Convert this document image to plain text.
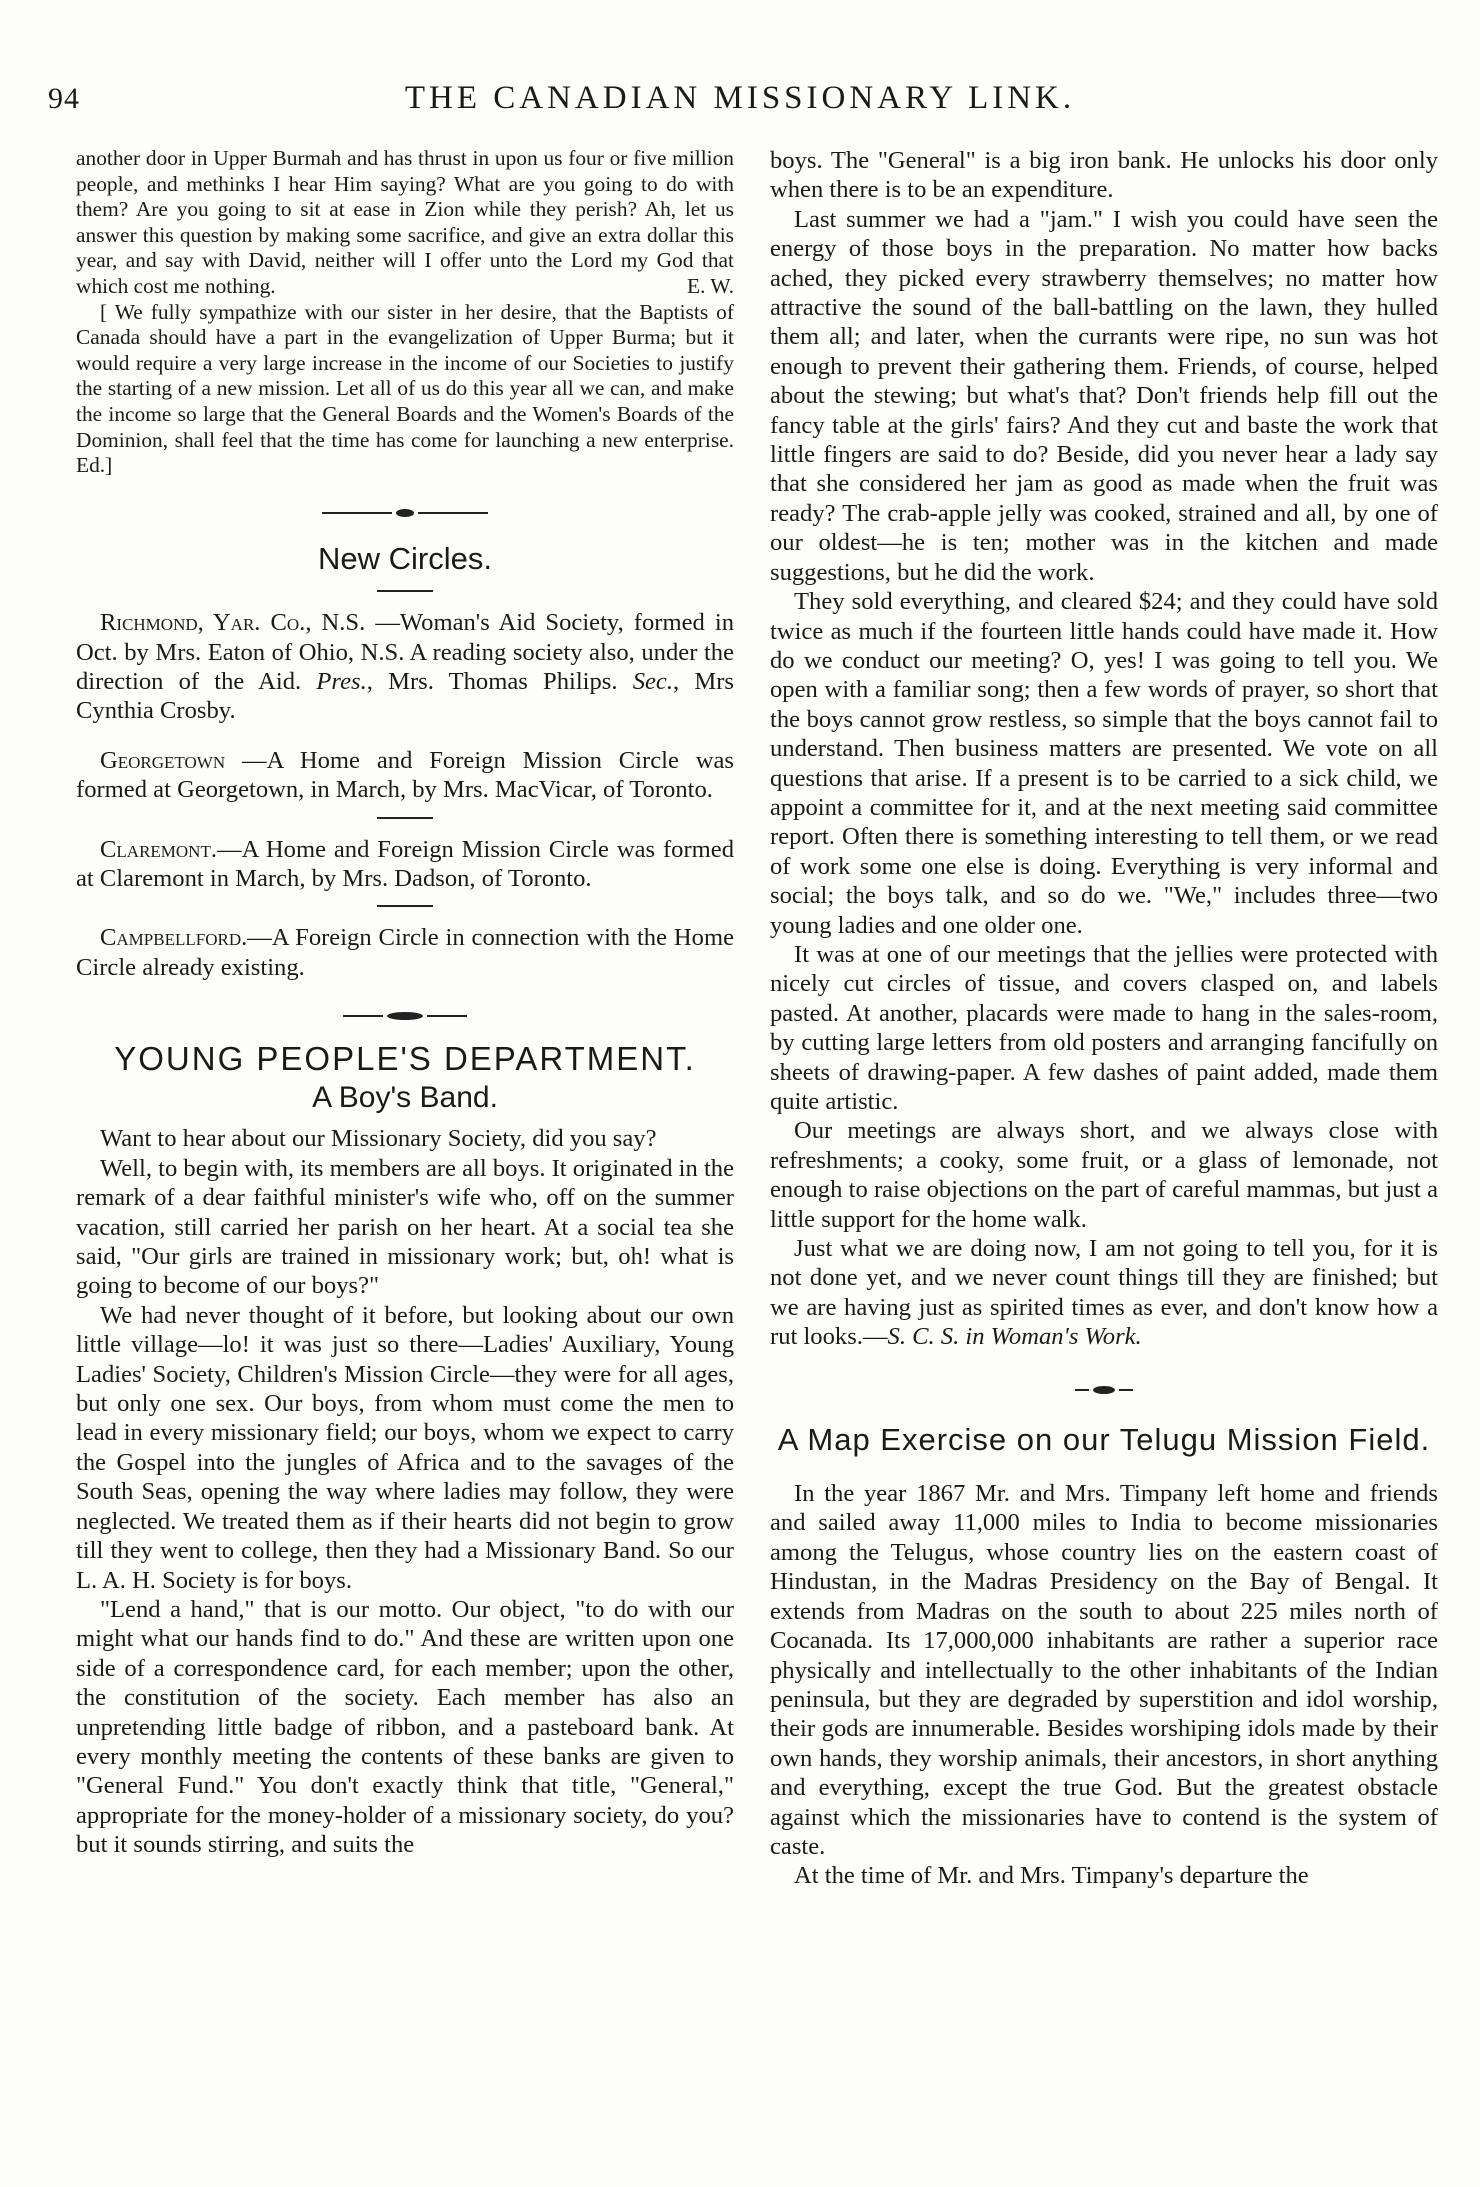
94	THE CANADIAN MISSIONARY LINK.

another door in Upper Burmah and has thrust in upon us four or five million people, and methinks I hear Him saying? What are you going to do with them? Are you going to sit at ease in Zion while they perish? Ah, let us answer this question by making some sacrifice, and give an extra dollar this year, and say with David, neither will I offer unto the Lord my God that which cost me nothing.	E. W.

[ We fully sympathize with our sister in her desire, that the Baptists of Canada should have a part in the evangelization of Upper Burma; but it would require a very large increase in the income of our Societies to justify the starting of a new mission. Let all of us do this year all we can, and make the income so large that the General Boards and the Women's Boards of the Dominion, shall feel that the time has come for launching a new enterprise. Ed.]

New Circles.

Richmond, Yar. Co., N.S. —Woman's Aid Society, formed in Oct. by Mrs. Eaton of Ohio, N.S. A reading society also, under the direction of the Aid. Pres., Mrs. Thomas Philips. Sec., Mrs Cynthia Crosby.

Georgetown —A Home and Foreign Mission Circle was formed at Georgetown, in March, by Mrs. MacVicar, of Toronto.

Claremont.—A Home and Foreign Mission Circle was formed at Claremont in March, by Mrs. Dadson, of Toronto.

Campbellford.—A Foreign Circle in connection with the Home Circle already existing.

YOUNG PEOPLE'S DEPARTMENT.
A Boy's Band.

Want to hear about our Missionary Society, did you say?

Well, to begin with, its members are all boys. It originated in the remark of a dear faithful minister's wife who, off on the summer vacation, still carried her parish on her heart. At a social tea she said, "Our girls are trained in missionary work; but, oh! what is going to become of our boys?"

We had never thought of it before, but looking about our own little village—lo! it was just so there—Ladies' Auxiliary, Young Ladies' Society, Children's Mission Circle—they were for all ages, but only one sex. Our boys, from whom must come the men to lead in every missionary field; our boys, whom we expect to carry the Gospel into the jungles of Africa and to the savages of the South Seas, opening the way where ladies may follow, they were neglected. We treated them as if their hearts did not begin to grow till they went to college, then they had a Missionary Band. So our L. A. H. Society is for boys.

"Lend a hand," that is our motto. Our object, "to do with our might what our hands find to do." And these are written upon one side of a correspondence card, for each member; upon the other, the constitution of the society. Each member has also an unpretending little badge of ribbon, and a pasteboard bank. At every monthly meeting the contents of these banks are given to "General Fund." You don't exactly think that title, "General," appropriate for the money-holder of a missionary society, do you? but it sounds stirring, and suits the

boys. The "General" is a big iron bank. He unlocks his door only when there is to be an expenditure.

Last summer we had a "jam." I wish you could have seen the energy of those boys in the preparation. No matter how backs ached, they picked every strawberry themselves; no matter how attractive the sound of the ball-battling on the lawn, they hulled them all; and later, when the currants were ripe, no sun was hot enough to prevent their gathering them. Friends, of course, helped about the stewing; but what's that? Don't friends help fill out the fancy table at the girls' fairs? And they cut and baste the work that little fingers are said to do? Beside, did you never hear a lady say that she considered her jam as good as made when the fruit was ready? The crab-apple jelly was cooked, strained and all, by one of our oldest—he is ten; mother was in the kitchen and made suggestions, but he did the work.

They sold everything, and cleared $24; and they could have sold twice as much if the fourteen little hands could have made it. How do we conduct our meeting? O, yes! I was going to tell you. We open with a familiar song; then a few words of prayer, so short that the boys cannot grow restless, so simple that the boys cannot fail to understand. Then business matters are presented. We vote on all questions that arise. If a present is to be carried to a sick child, we appoint a committee for it, and at the next meeting said committee report. Often there is something interesting to tell them, or we read of work some one else is doing. Everything is very informal and social; the boys talk, and so do we. "We," includes three—two young ladies and one older one.

It was at one of our meetings that the jellies were protected with nicely cut circles of tissue, and covers clasped on, and labels pasted. At another, placards were made to hang in the sales-room, by cutting large letters from old posters and arranging fancifully on sheets of drawing-paper. A few dashes of paint added, made them quite artistic.

Our meetings are always short, and we always close with refreshments; a cooky, some fruit, or a glass of lemonade, not enough to raise objections on the part of careful mammas, but just a little support for the home walk.

Just what we are doing now, I am not going to tell you, for it is not done yet, and we never count things till they are finished; but we are having just as spirited times as ever, and don't know how a rut looks.—S. C. S. in Woman's Work.

A Map Exercise on our Telugu Mission Field.

In the year 1867 Mr. and Mrs. Timpany left home and friends and sailed away 11,000 miles to India to become missionaries among the Telugus, whose country lies on the eastern coast of Hindustan, in the Madras Presidency on the Bay of Bengal. It extends from Madras on the south to about 225 miles north of Cocanada. Its 17,000,000 inhabitants are rather a superior race physically and intellectually to the other inhabitants of the Indian peninsula, but they are degraded by superstition and idol worship, their gods are innumerable. Besides worshiping idols made by their own hands, they worship animals, their ancestors, in short anything and everything, except the true God. But the greatest obstacle against which the missionaries have to contend is the system of caste.

At the time of Mr. and Mrs. Timpany's departure the
